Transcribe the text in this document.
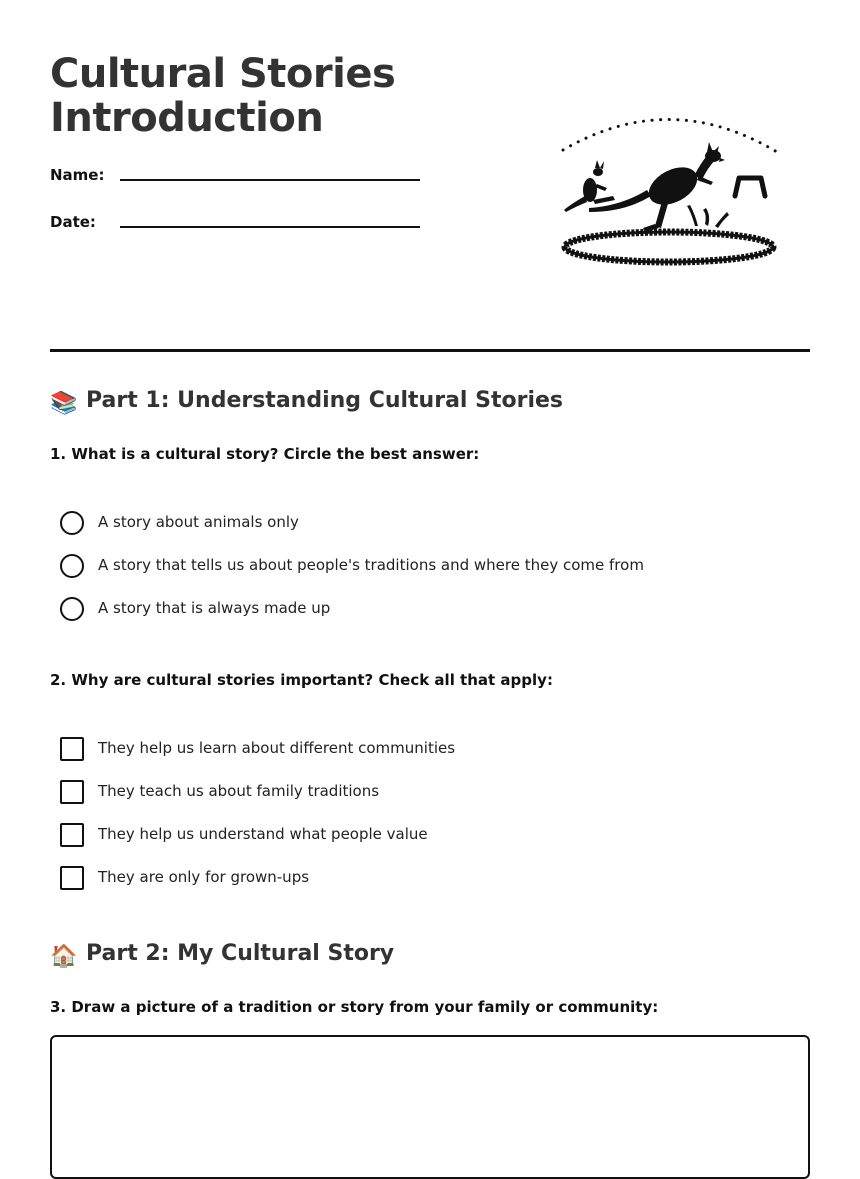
Cultural Stories
Introduction
Name:
Date:
📚 Part 1: Understanding Cultural Stories

1. What is a cultural story? Circle the best answer:

A story about animals only
A story that tells us about people's traditions and where they come from
A story that is always made up

2. Why are cultural stories important? Check all that apply:

They help us learn about different communities
They teach us about family traditions
They help us understand what people value
They are only for grown-ups
🏠 Part 2: My Cultural Story

3. Draw a picture of a tradition or story from your family or community:
